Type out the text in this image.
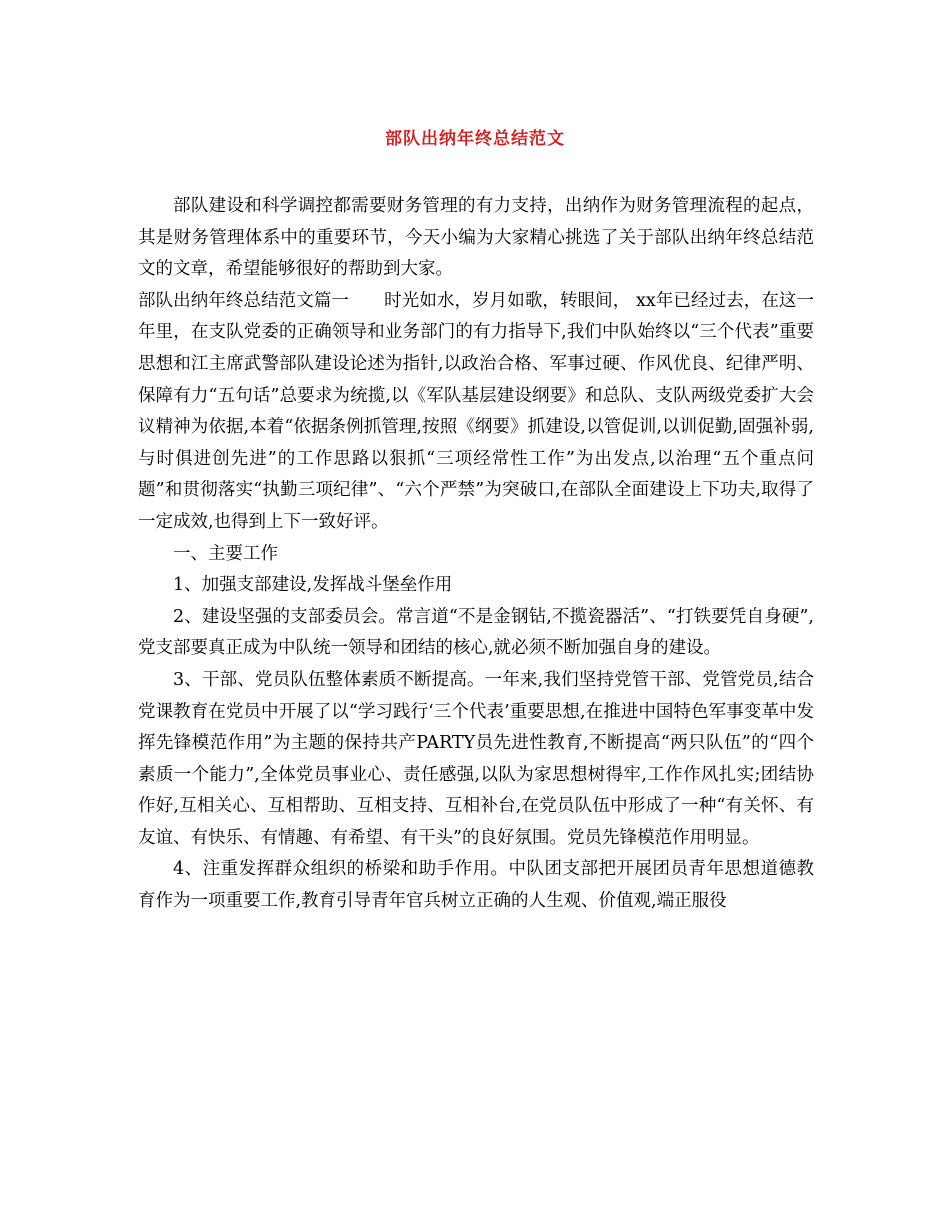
部队出纳年终总结范文

部队建设和科学调控都需要财务管理的有力支持，出纳作为财务管理流程的起点，其是财务管理体系中的重要环节，今天小编为大家精心挑选了关于部队出纳年终总结范文的文章，希望能够很好的帮助到大家。

部队出纳年终总结范文篇一　　时光如水，岁月如歌，转眼间， xx年已经过去，在这一年里，在支队党委的正确领导和业务部门的有力指导下,我们中队始终以“三个代表”重要思想和江主席武警部队建设论述为指针,以政治合格、军事过硬、作风优良、纪律严明、保障有力“五句话”总要求为统揽,以《军队基层建设纲要》和总队、支队两级党委扩大会议精神为依据,本着“依据条例抓管理,按照《纲要》抓建设,以管促训,以训促勤,固强补弱,与时俱进创先进”的工作思路以狠抓“三项经常性工作”为出发点,以治理“五个重点问题”和贯彻落实“执勤三项纪律”、“六个严禁”为突破口,在部队全面建设上下功夫,取得了一定成效,也得到上下一致好评。

一、主要工作

1、加强支部建设,发挥战斗堡垒作用

2、建设坚强的支部委员会。常言道“不是金钢钻,不揽瓷器活”、“打铁要凭自身硬”,党支部要真正成为中队统一领导和团结的核心,就必须不断加强自身的建设。

3、干部、党员队伍整体素质不断提高。一年来,我们坚持党管干部、党管党员,结合党课教育在党员中开展了以“学习践行‘三个代表’重要思想,在推进中国特色军事变革中发挥先锋模范作用”为主题的保持共产PARTY员先进性教育,不断提高“两只队伍”的“四个素质一个能力”,全体党员事业心、责任感强,以队为家思想树得牢,工作作风扎实;团结协作好,互相关心、互相帮助、互相支持、互相补台,在党员队伍中形成了一种“有关怀、有友谊、有快乐、有情趣、有希望、有干头”的良好氛围。党员先锋模范作用明显。

4、注重发挥群众组织的桥梁和助手作用。中队团支部把开展团员青年思想道德教育作为一项重要工作,教育引导青年官兵树立正确的人生观、价值观,端正服役
